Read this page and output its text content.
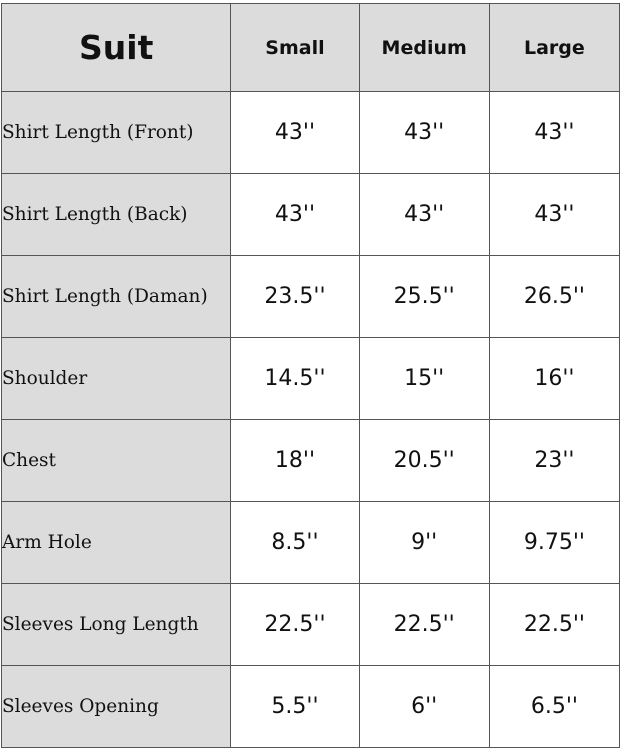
Suit	Small	Medium	Large
Shirt Length (Front)	43''	43''	43''
Shirt Length (Back)	43''	43''	43''
Shirt Length (Daman)	23.5''	25.5''	26.5''
Shoulder	14.5''	15''	16''
Chest	18''	20.5''	23''
Arm Hole	8.5''	9''	9.75''
Sleeves Long Length	22.5''	22.5''	22.5''
Sleeves Opening	5.5''	6''	6.5''
